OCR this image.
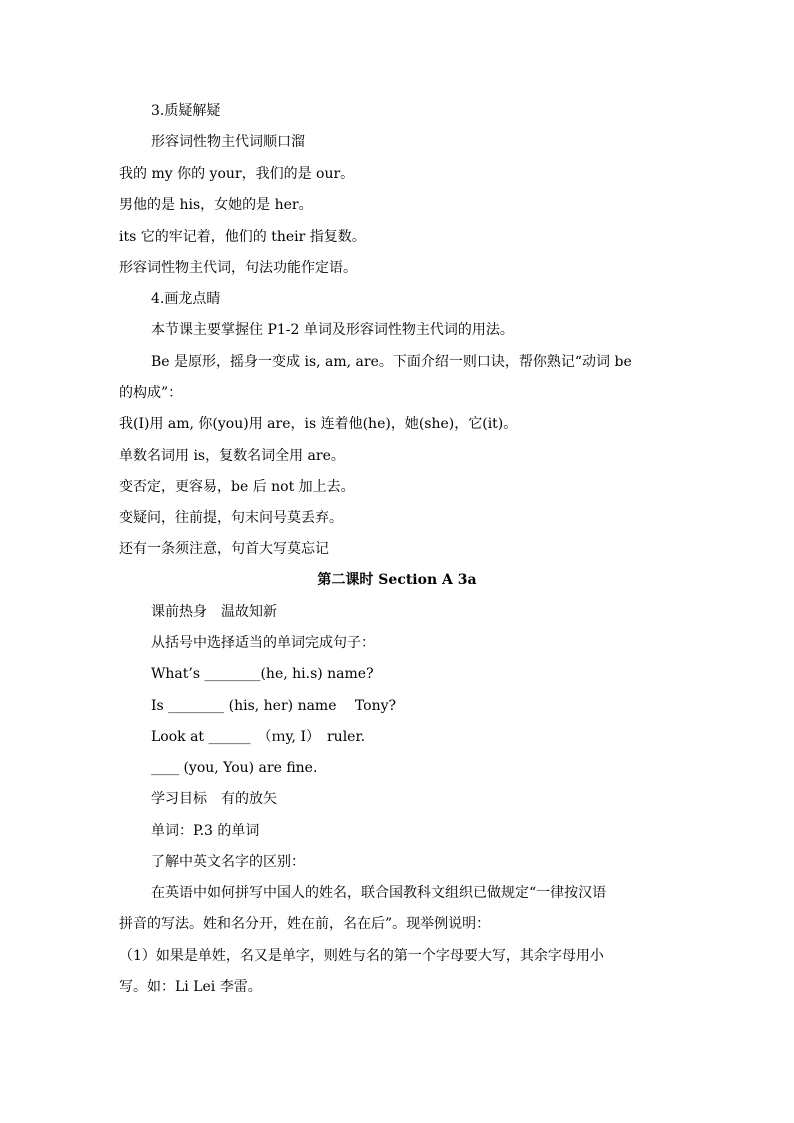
3.质疑解疑
形容词性物主代词顺口溜
我的 my 你的 your，我们的是 our。
男他的是 his，女她的是 her。
its 它的牢记着，他们的 their 指复数。
形容词性物主代词，句法功能作定语。
4.画龙点睛
本节课主要掌握住 P1-2 单词及形容词性物主代词的用法。
Be 是原形，摇身一变成 is, am, are。下面介绍一则口诀，帮你熟记“动词 be
的构成”：
我(I)用 am, 你(you)用 are，is 连着他(he)，她(she)，它(it)。
单数名词用 is，复数名词全用 are。
变否定，更容易，be 后 not 加上去。
变疑问，往前提，句末问号莫丢弃。
还有一条须注意，句首大写莫忘记
第二课时 Section A 3a
课前热身　温故知新
从括号中选择适当的单词完成句子：
What’s ________(he, hi.s) name?
Is ________ (his, her) name　 Tony?
Look at ______　（ｍy, I）　ruler.
____ (you, You) are fine.
学习目标　有的放矢
单词：P.3 的单词
了解中英文名字的区别：
在英语中如何拼写中国人的姓名，联合国教科文组织已做规定“一律按汉语
拼音的写法。姓和名分开，姓在前，名在后”。现举例说明：
（1）如果是单姓，名又是单字，则姓与名的第一个字母要大写，其余字母用小
写。如：Li Lei 李雷。
